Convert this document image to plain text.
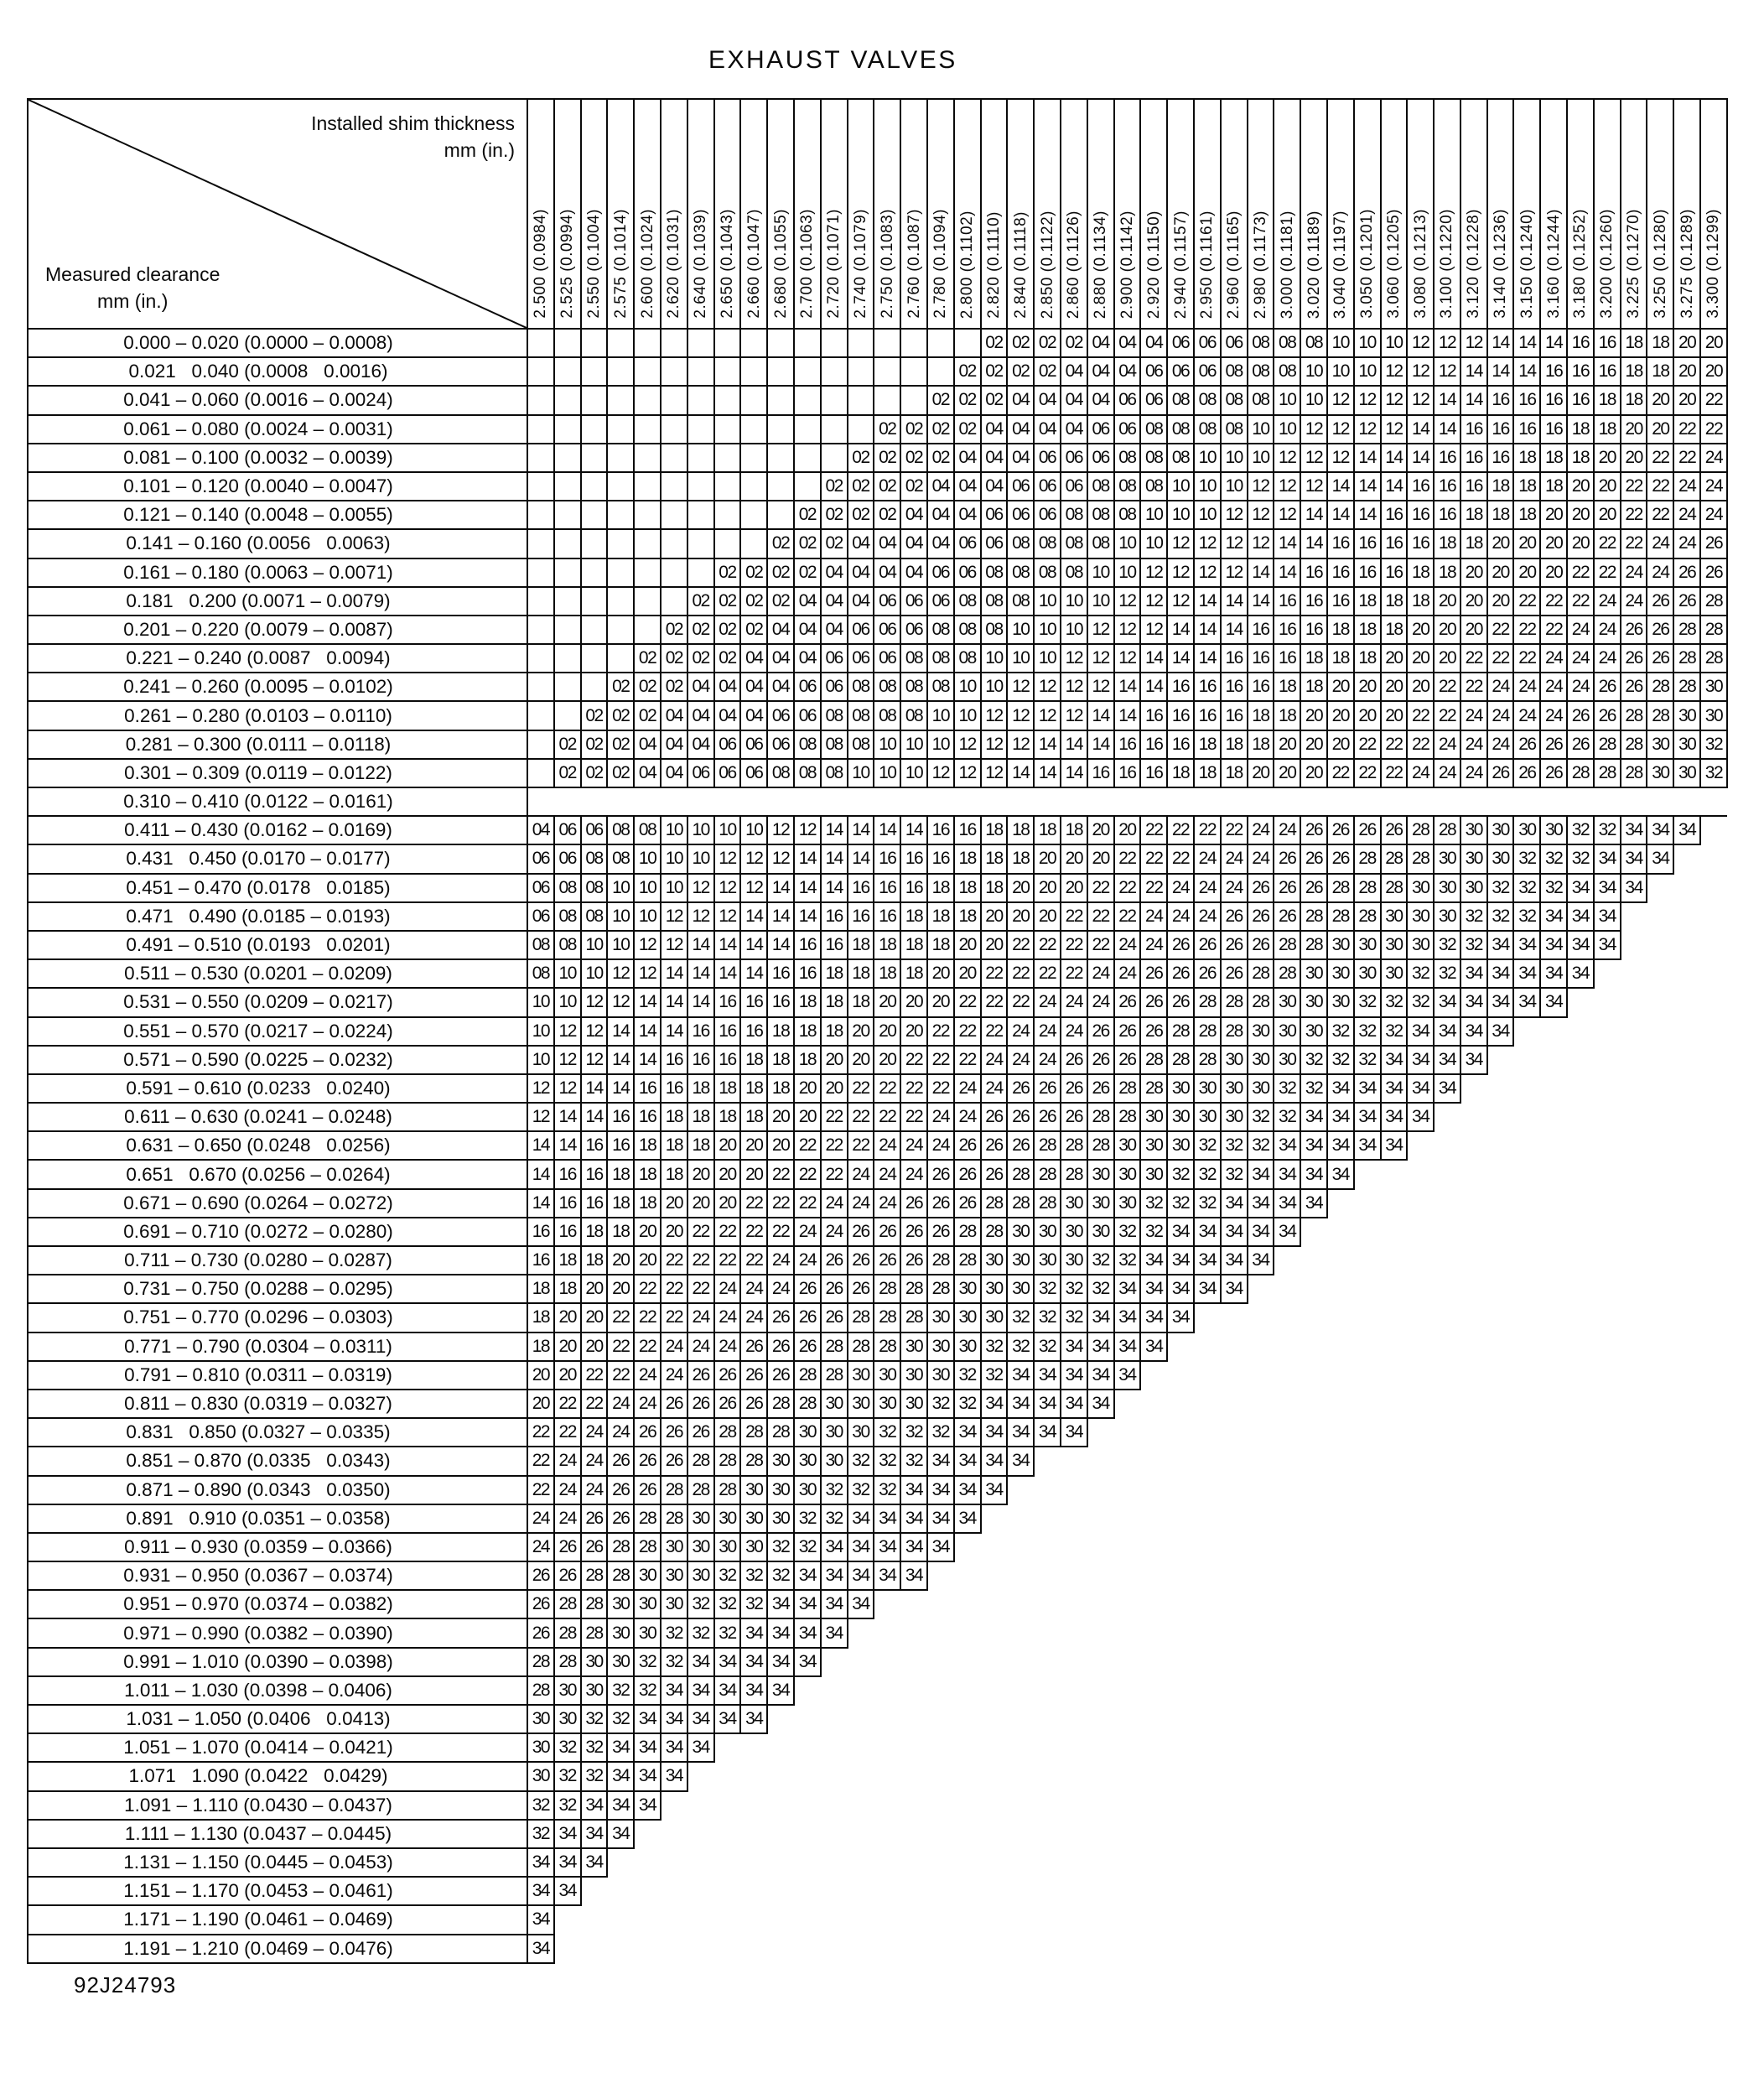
EXHAUST VALVES
Installed shim thickness
mm (in.)
Measured clearance
mm (in.)	2.500 (0.0984)	2.525 (0.0994)	2.550 (0.1004)	2.575 (0.1014)	2.600 (0.1024)	2.620 (0.1031)	2.640 (0.1039)	2.650 (0.1043)	2.660 (0.1047)	2.680 (0.1055)	2.700 (0.1063)	2.720 (0.1071)	2.740 (0.1079)	2.750 (0.1083)	2.760 (0.1087)	2.780 (0.1094)	2.800 (0.1102)	2.820 (0.1110)	2.840 (0.1118)	2.850 (0.1122)	2.860 (0.1126)	2.880 (0.1134)	2.900 (0.1142)	2.920 (0.1150)	2.940 (0.1157)	2.950 (0.1161)	2.960 (0.1165)	2.980 (0.1173)	3.000 (0.1181)	3.020 (0.1189)	3.040 (0.1197)	3.050 (0.1201)	3.060 (0.1205)	3.080 (0.1213)	3.100 (0.1220)	3.120 (0.1228)	3.140 (0.1236)	3.150 (0.1240)	3.160 (0.1244)	3.180 (0.1252)	3.200 (0.1260)	3.225 (0.1270)	3.250 (0.1280)	3.275 (0.1289)	3.300 (0.1299)
0.000 – 0.020 (0.0000 – 0.0008)																		02	02	02	02	04	04	04	06	06	06	08	08	08	10	10	10	12	12	12	14	14	14	16	16	18	18	20	20
0.021   0.040 (0.0008   0.0016)																	02	02	02	02	04	04	04	06	06	06	08	08	08	10	10	10	12	12	12	14	14	14	16	16	16	18	18	20	20
0.041 – 0.060 (0.0016 – 0.0024)																02	02	02	04	04	04	04	06	06	08	08	08	08	10	10	12	12	12	12	14	14	16	16	16	16	18	18	20	20	22
0.061 – 0.080 (0.0024 – 0.0031)														02	02	02	02	04	04	04	04	06	06	08	08	08	08	10	10	12	12	12	12	14	14	16	16	16	16	18	18	20	20	22	22
0.081 – 0.100 (0.0032 – 0.0039)													02	02	02	02	04	04	04	06	06	06	08	08	08	10	10	10	12	12	12	14	14	14	16	16	16	18	18	18	20	20	22	22	24
0.101 – 0.120 (0.0040 – 0.0047)												02	02	02	02	04	04	04	06	06	06	08	08	08	10	10	10	12	12	12	14	14	14	16	16	16	18	18	18	20	20	22	22	24	24
0.121 – 0.140 (0.0048 – 0.0055)											02	02	02	02	04	04	04	06	06	06	08	08	08	10	10	10	12	12	12	14	14	14	16	16	16	18	18	18	20	20	20	22	22	24	24
0.141 – 0.160 (0.0056   0.0063)										02	02	02	04	04	04	04	06	06	08	08	08	08	10	10	12	12	12	12	14	14	16	16	16	16	18	18	20	20	20	20	22	22	24	24	26
0.161 – 0.180 (0.0063 – 0.0071)								02	02	02	02	04	04	04	04	06	06	08	08	08	08	10	10	12	12	12	12	14	14	16	16	16	16	18	18	20	20	20	20	22	22	24	24	26	26
0.181   0.200 (0.0071 – 0.0079)							02	02	02	02	04	04	04	06	06	06	08	08	08	10	10	10	12	12	12	14	14	14	16	16	16	18	18	18	20	20	20	22	22	22	24	24	26	26	28
0.201 – 0.220 (0.0079 – 0.0087)						02	02	02	02	04	04	04	06	06	06	08	08	08	10	10	10	12	12	12	14	14	14	16	16	16	18	18	18	20	20	20	22	22	22	24	24	26	26	28	28
0.221 – 0.240 (0.0087   0.0094)					02	02	02	02	04	04	04	06	06	06	08	08	08	10	10	10	12	12	12	14	14	14	16	16	16	18	18	18	20	20	20	22	22	22	24	24	24	26	26	28	28
0.241 – 0.260 (0.0095 – 0.0102)				02	02	02	04	04	04	04	06	06	08	08	08	08	10	10	12	12	12	12	14	14	16	16	16	16	18	18	20	20	20	20	22	22	24	24	24	24	26	26	28	28	30
0.261 – 0.280 (0.0103 – 0.0110)			02	02	02	04	04	04	04	06	06	08	08	08	08	10	10	12	12	12	12	14	14	16	16	16	16	18	18	20	20	20	20	22	22	24	24	24	24	26	26	28	28	30	30
0.281 – 0.300 (0.0111 – 0.0118)		02	02	02	04	04	04	06	06	06	08	08	08	10	10	10	12	12	12	14	14	14	16	16	16	18	18	18	20	20	20	22	22	22	24	24	24	26	26	26	28	28	30	30	32
0.301 – 0.309 (0.0119 – 0.0122)		02	02	02	04	04	06	06	06	08	08	08	10	10	10	12	12	12	14	14	14	16	16	16	18	18	18	20	20	20	22	22	22	24	24	24	26	26	26	28	28	28	30	30	32
0.310 – 0.410 (0.0122 – 0.0161)																																													
0.411 – 0.430 (0.0162 – 0.0169)	04	06	06	08	08	10	10	10	10	12	12	14	14	14	14	16	16	18	18	18	18	20	20	22	22	22	22	24	24	26	26	26	26	28	28	30	30	30	30	32	32	34	34	34	
0.431   0.450 (0.0170 – 0.0177)	06	06	08	08	10	10	10	12	12	12	14	14	14	16	16	16	18	18	18	20	20	20	22	22	22	24	24	24	26	26	26	28	28	28	30	30	30	32	32	32	34	34	34		
0.451 – 0.470 (0.0178   0.0185)	06	08	08	10	10	10	12	12	12	14	14	14	16	16	16	18	18	18	20	20	20	22	22	22	24	24	24	26	26	26	28	28	28	30	30	30	32	32	32	34	34	34			
0.471   0.490 (0.0185 – 0.0193)	06	08	08	10	10	12	12	12	14	14	14	16	16	16	18	18	18	20	20	20	22	22	22	24	24	24	26	26	26	28	28	28	30	30	30	32	32	32	34	34	34				
0.491 – 0.510 (0.0193   0.0201)	08	08	10	10	12	12	14	14	14	14	16	16	18	18	18	18	20	20	22	22	22	22	24	24	26	26	26	26	28	28	30	30	30	30	32	32	34	34	34	34	34				
0.511 – 0.530 (0.0201 – 0.0209)	08	10	10	12	12	14	14	14	14	16	16	18	18	18	18	20	20	22	22	22	22	24	24	26	26	26	26	28	28	30	30	30	30	32	32	34	34	34	34	34					
0.531 – 0.550 (0.0209 – 0.0217)	10	10	12	12	14	14	14	16	16	16	18	18	18	20	20	20	22	22	22	24	24	24	26	26	26	28	28	28	30	30	30	32	32	32	34	34	34	34	34						
0.551 – 0.570 (0.0217 – 0.0224)	10	12	12	14	14	14	16	16	16	18	18	18	20	20	20	22	22	22	24	24	24	26	26	26	28	28	28	30	30	30	32	32	32	34	34	34	34								
0.571 – 0.590 (0.0225 – 0.0232)	10	12	12	14	14	16	16	16	18	18	18	20	20	20	22	22	22	24	24	24	26	26	26	28	28	28	30	30	30	32	32	32	34	34	34	34									
0.591 – 0.610 (0.0233   0.0240)	12	12	14	14	16	16	18	18	18	18	20	20	22	22	22	22	24	24	26	26	26	26	28	28	30	30	30	30	32	32	34	34	34	34	34										
0.611 – 0.630 (0.0241 – 0.0248)	12	14	14	16	16	18	18	18	18	20	20	22	22	22	22	24	24	26	26	26	26	28	28	30	30	30	30	32	32	34	34	34	34	34											
0.631 – 0.650 (0.0248   0.0256)	14	14	16	16	18	18	18	20	20	20	22	22	22	24	24	24	26	26	26	28	28	28	30	30	30	32	32	32	34	34	34	34	34												
0.651   0.670 (0.0256 – 0.0264)	14	16	16	18	18	18	20	20	20	22	22	22	24	24	24	26	26	26	28	28	28	30	30	30	32	32	32	34	34	34	34														
0.671 – 0.690 (0.0264 – 0.0272)	14	16	16	18	18	20	20	20	22	22	22	24	24	24	26	26	26	28	28	28	30	30	30	32	32	32	34	34	34	34															
0.691 – 0.710 (0.0272 – 0.0280)	16	16	18	18	20	20	22	22	22	22	24	24	26	26	26	26	28	28	30	30	30	30	32	32	34	34	34	34	34																
0.711 – 0.730 (0.0280 – 0.0287)	16	18	18	20	20	22	22	22	22	24	24	26	26	26	26	28	28	30	30	30	30	32	32	34	34	34	34	34																	
0.731 – 0.750 (0.0288 – 0.0295)	18	18	20	20	22	22	22	24	24	24	26	26	26	28	28	28	30	30	30	32	32	32	34	34	34	34	34																		
0.751 – 0.770 (0.0296 – 0.0303)	18	20	20	22	22	22	24	24	24	26	26	26	28	28	28	30	30	30	32	32	32	34	34	34	34																				
0.771 – 0.790 (0.0304 – 0.0311)	18	20	20	22	22	24	24	24	26	26	26	28	28	28	30	30	30	32	32	32	34	34	34	34																					
0.791 – 0.810 (0.0311 – 0.0319)	20	20	22	22	24	24	26	26	26	26	28	28	30	30	30	30	32	32	34	34	34	34	34																						
0.811 – 0.830 (0.0319 – 0.0327)	20	22	22	24	24	26	26	26	26	28	28	30	30	30	30	32	32	34	34	34	34	34																							
0.831   0.850 (0.0327 – 0.0335)	22	22	24	24	26	26	26	28	28	28	30	30	30	32	32	32	34	34	34	34	34																								
0.851 – 0.870 (0.0335   0.0343)	22	24	24	26	26	26	28	28	28	30	30	30	32	32	32	34	34	34	34																										
0.871 – 0.890 (0.0343   0.0350)	22	24	24	26	26	28	28	28	30	30	30	32	32	32	34	34	34	34																											
0.891   0.910 (0.0351 – 0.0358)	24	24	26	26	28	28	30	30	30	30	32	32	34	34	34	34	34																												
0.911 – 0.930 (0.0359 – 0.0366)	24	26	26	28	28	30	30	30	30	32	32	34	34	34	34	34																													
0.931 – 0.950 (0.0367 – 0.0374)	26	26	28	28	30	30	30	32	32	32	34	34	34	34	34																														
0.951 – 0.970 (0.0374 – 0.0382)	26	28	28	30	30	30	32	32	32	34	34	34	34																																
0.971 – 0.990 (0.0382 – 0.0390)	26	28	28	30	30	32	32	32	34	34	34	34																																	
0.991 – 1.010 (0.0390 – 0.0398)	28	28	30	30	32	32	34	34	34	34	34																																		
1.011 – 1.030 (0.0398 – 0.0406)	28	30	30	32	32	34	34	34	34	34																																			
1.031 – 1.050 (0.0406   0.0413)	30	30	32	32	34	34	34	34	34																																				
1.051 – 1.070 (0.0414 – 0.0421)	30	32	32	34	34	34	34																																						
1.071   1.090 (0.0422   0.0429)	30	32	32	34	34	34																																							
1.091 – 1.110 (0.0430 – 0.0437)	32	32	34	34	34																																								
1.111 – 1.130 (0.0437 – 0.0445)	32	34	34	34																																									
1.131 – 1.150 (0.0445 – 0.0453)	34	34	34																																										
1.151 – 1.170 (0.0453 – 0.0461)	34	34																																											
1.171 – 1.190 (0.0461 – 0.0469)	34																																												
1.191 – 1.210 (0.0469 – 0.0476)	34																																												
92J24793
